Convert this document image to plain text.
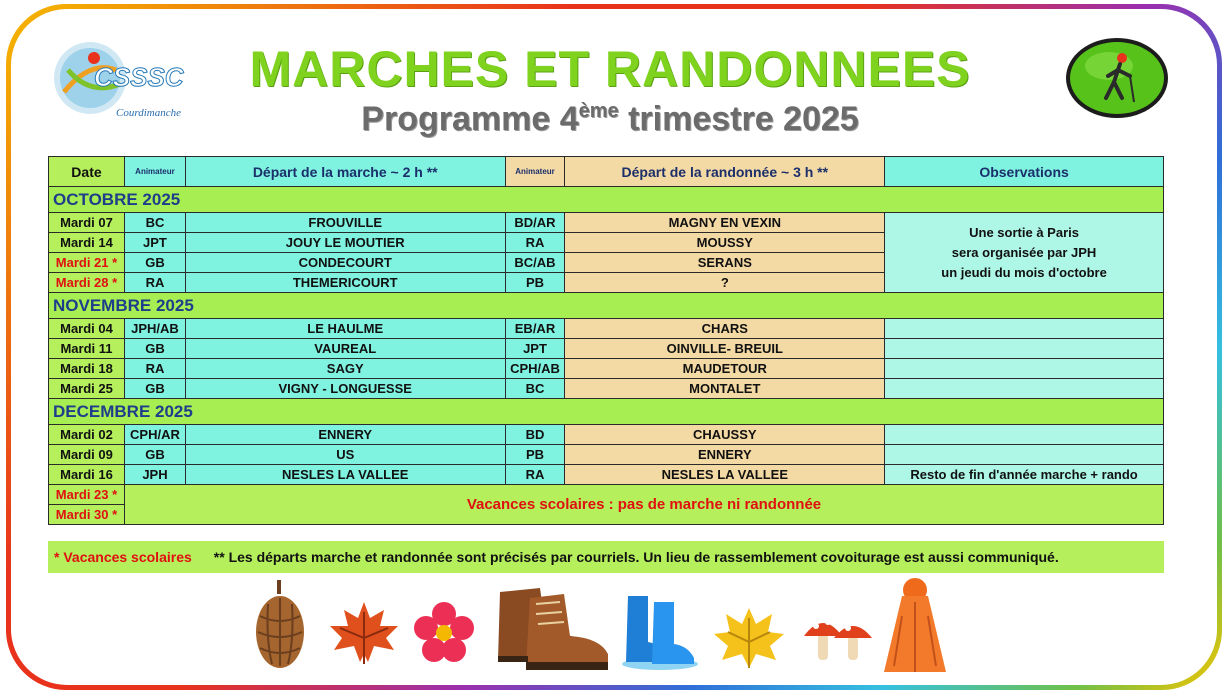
CSSSC
Courdimanche
MARCHES ET RANDONNEES
Programme 4ème trimestre 2025
Date	Animateur	Départ de la marche ~ 2 h **	Animateur	Départ de la randonnée ~ 3 h **	Observations
OCTOBRE 2025					
Mardi 07	BC	FROUVILLE	BD/AR	MAGNY EN VEXIN	Une sortie à Paris
sera organisée par JPH
un jeudi du mois d'octobre

Mardi 14	JPT	JOUY LE MOUTIER	RA	MOUSSY	
Mardi 21 *	GB	CONDECOURT	BC/AB	SERANS	
Mardi 28 *	RA	THEMERICOURT	PB	?	
NOVEMBRE 2025					
Mardi 04	JPH/AB	LE HAULME	EB/AR	CHARS	
Mardi 11	GB	VAUREAL	JPT	OINVILLE- BREUIL	
Mardi 18	RA	SAGY	CPH/AB	MAUDETOUR	
Mardi 25	GB	VIGNY - LONGUESSE	BC	MONTALET	
DECEMBRE 2025					
Mardi 02	CPH/AR	ENNERY	BD	CHAUSSY	
Mardi 09	GB	US	PB	ENNERY	
Mardi 16	JPH	NESLES LA VALLEE	RA	NESLES LA VALLEE	Resto de fin d'année marche + rando
Mardi 23 *	Vacances scolaires : pas de marche ni randonnée				
Mardi 30 *					
* Vacances scolaires ** Les départs marche et randonnée sont précisés par courriels. Un lieu de rassemblement covoiturage est aussi communiqué.
